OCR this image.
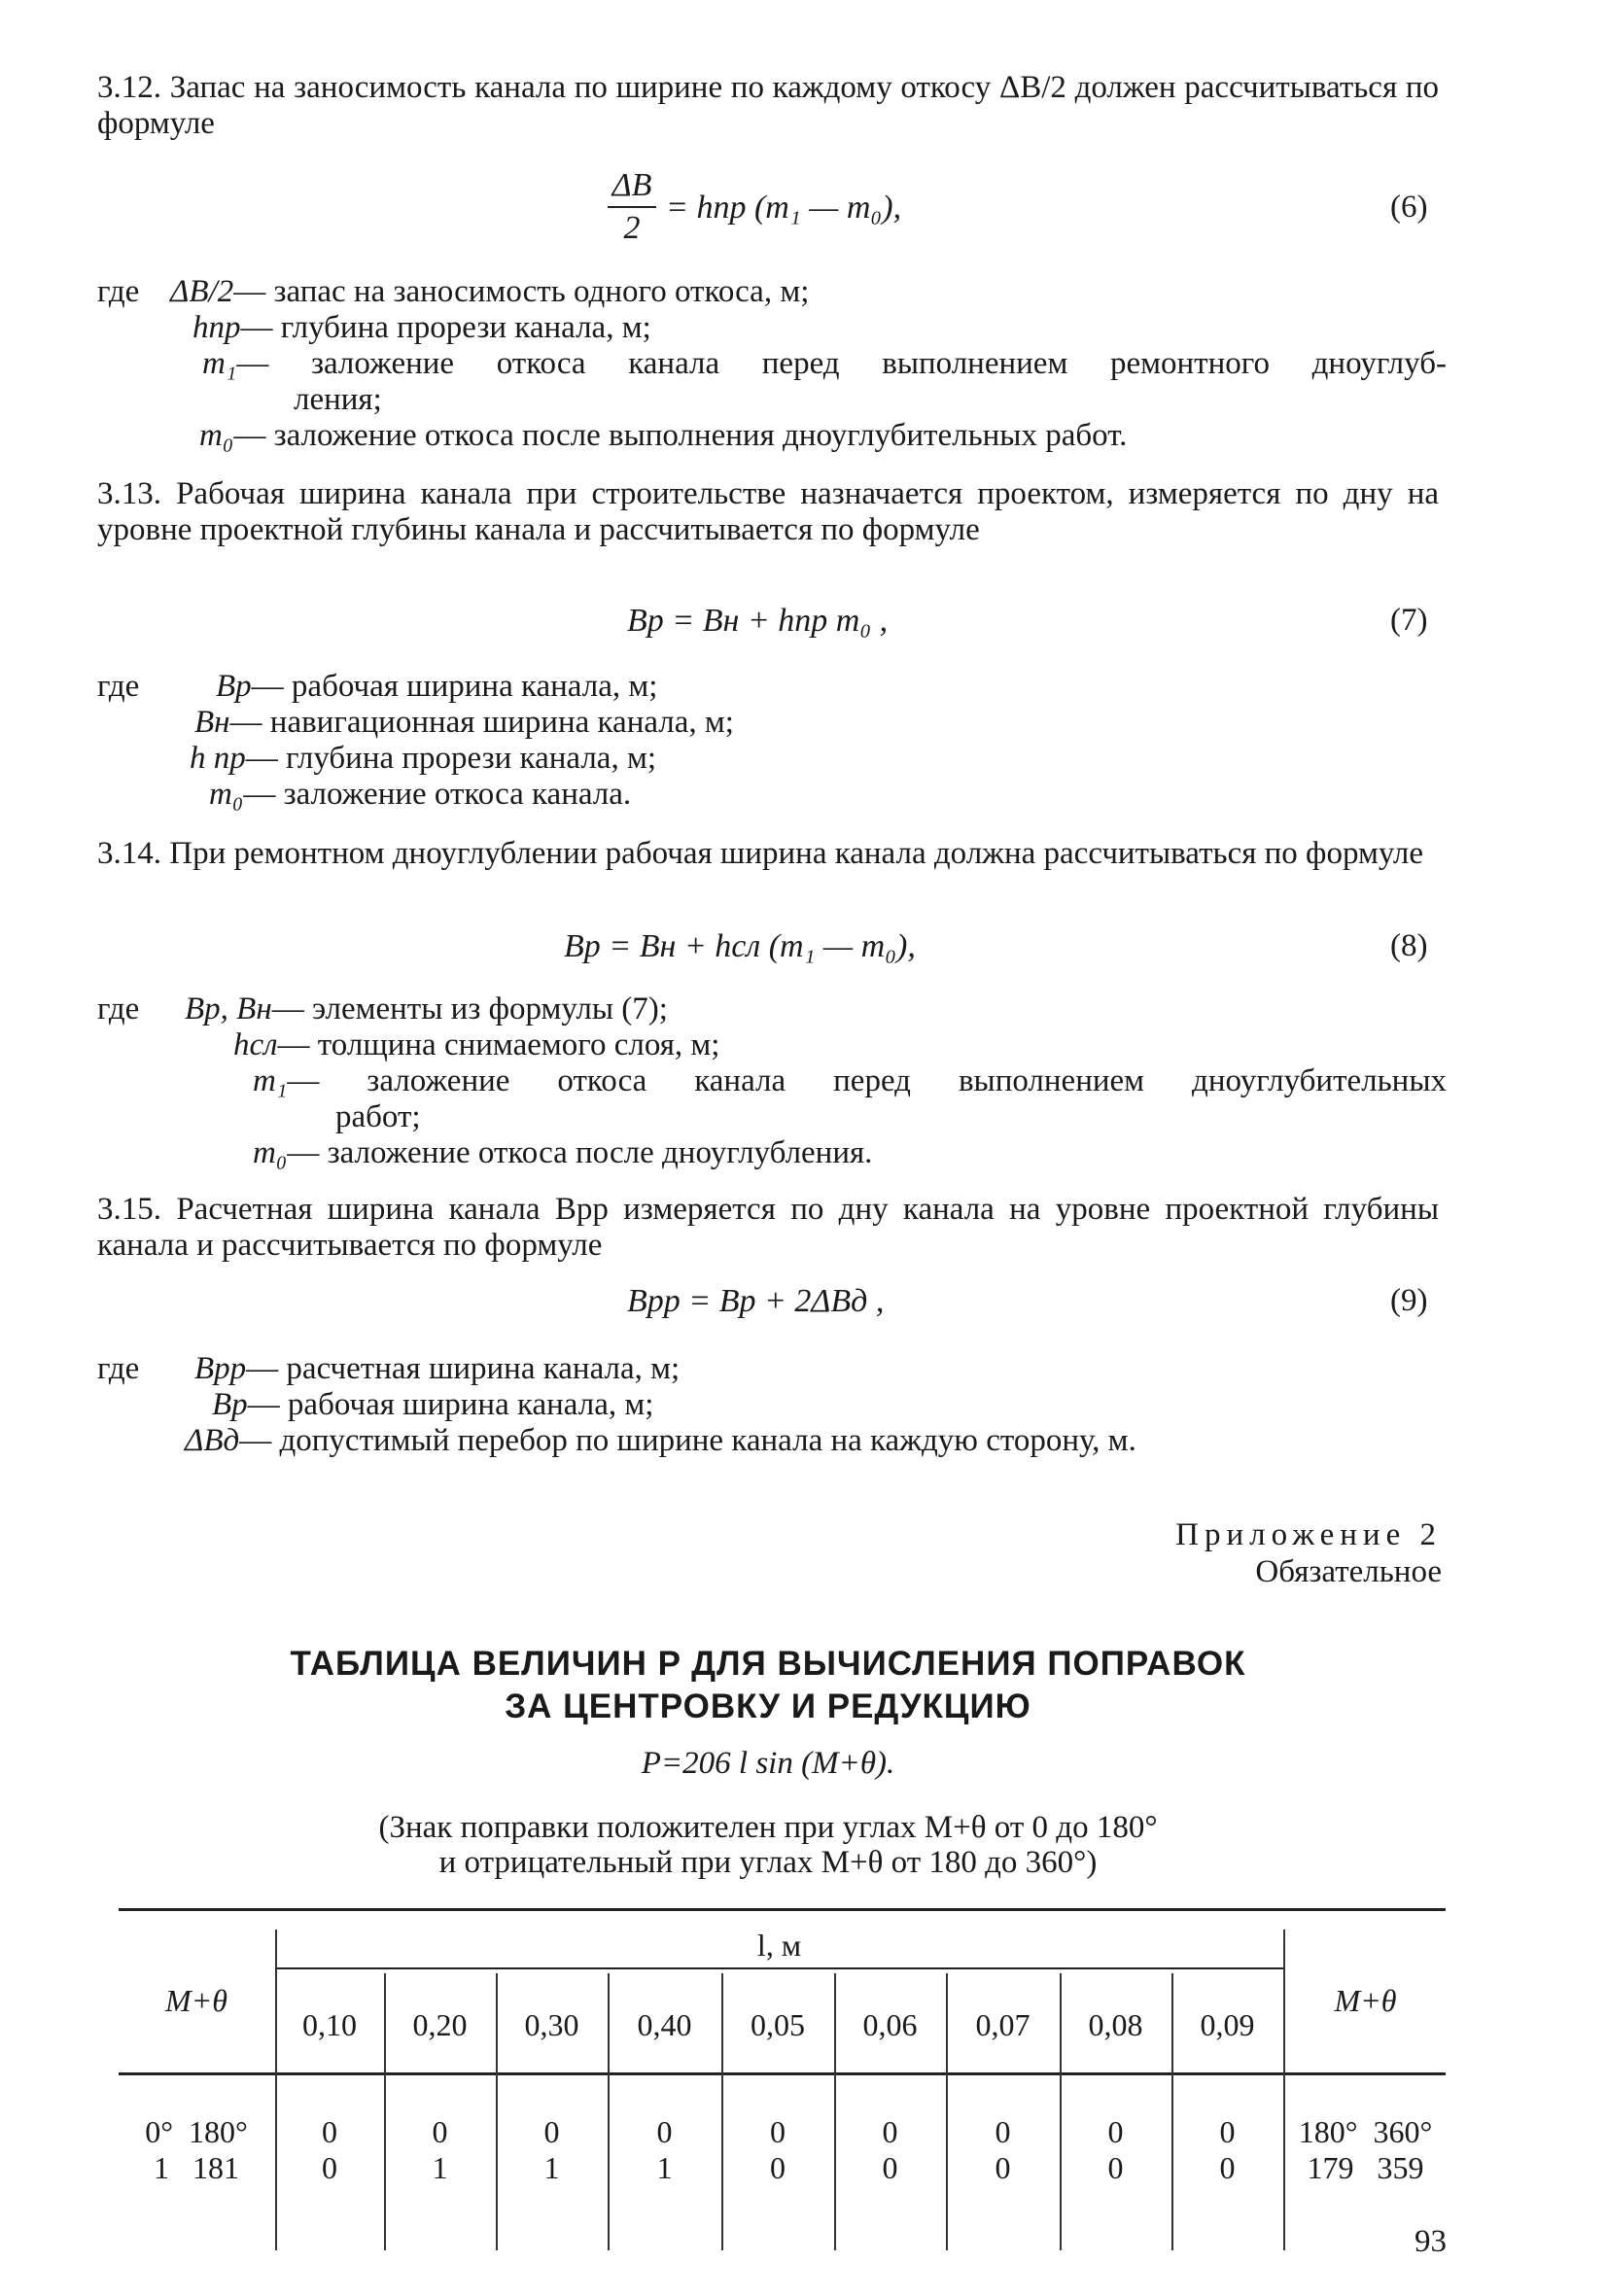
3.12. Запас на заносимость канала по ширине по каждому откосу ΔB/2 должен рассчитываться по формуле
ΔB
2
= hпр (m₁ — m₀),	(6)
где ΔB/2— запас на заносимость одного откоса, м;
hпр— глубина прорези канала, м;
m₁— заложение откоса канала перед выполнением ремонтного дноуглуб-
ления;
m₀— заложение откоса после выполнения дноуглубительных работ.
3.13. Рабочая ширина канала при строительстве назначается проектом, измеряется по дну на уровне проектной глубины канала и рассчитывается по формуле
Bр = Bн + hпр m₀ ,	(7)
где Bр— рабочая ширина канала, м;
Bн— навигационная ширина канала, м;
h пр— глубина прорези канала, м;
m₀— заложение откоса канала.
3.14. При ремонтном дноуглублении рабочая ширина канала должна рассчитываться по формуле
Bр = Bн + hсл (m₁ — m₀),	(8)
где Bр, Bн— элементы из формулы (7);
hсл— толщина снимаемого слоя, м;
m₁— заложение откоса канала перед выполнением дноуглубительных
работ;
m₀— заложение откоса после дноуглубления.
3.15. Расчетная ширина канала Bрр измеряется по дну канала на уровне проектной глубины канала и рассчитывается по формуле
Bрр = Bр + 2ΔBд ,	(9)
где Bрр— расчетная ширина канала, м;
Bр— рабочая ширина канала, м;
ΔBд— допустимый перебор по ширине канала на каждую сторону, м.
Приложение 2
Обязательное
ТАБЛИЦА ВЕЛИЧИН P ДЛЯ ВЫЧИСЛЕНИЯ ПОПРАВОК
ЗА ЦЕНТРОВКУ И РЕДУКЦИЮ
P=206 l sin (M+θ).
(Знак поправки положителен при углах M+θ от 0 до 180°
и отрицательный при углах M+θ от 180 до 360°)
M+θ	M+θ
l, м
0,10	0,20	0,30	0,40	0,05	0,06	0,07	0,08	0,09
0°  180°	0	0	0	0	0	0	0	0	0	180°  360°
1   181	0	1	1	1	0	0	0	0	0	179   359
93
